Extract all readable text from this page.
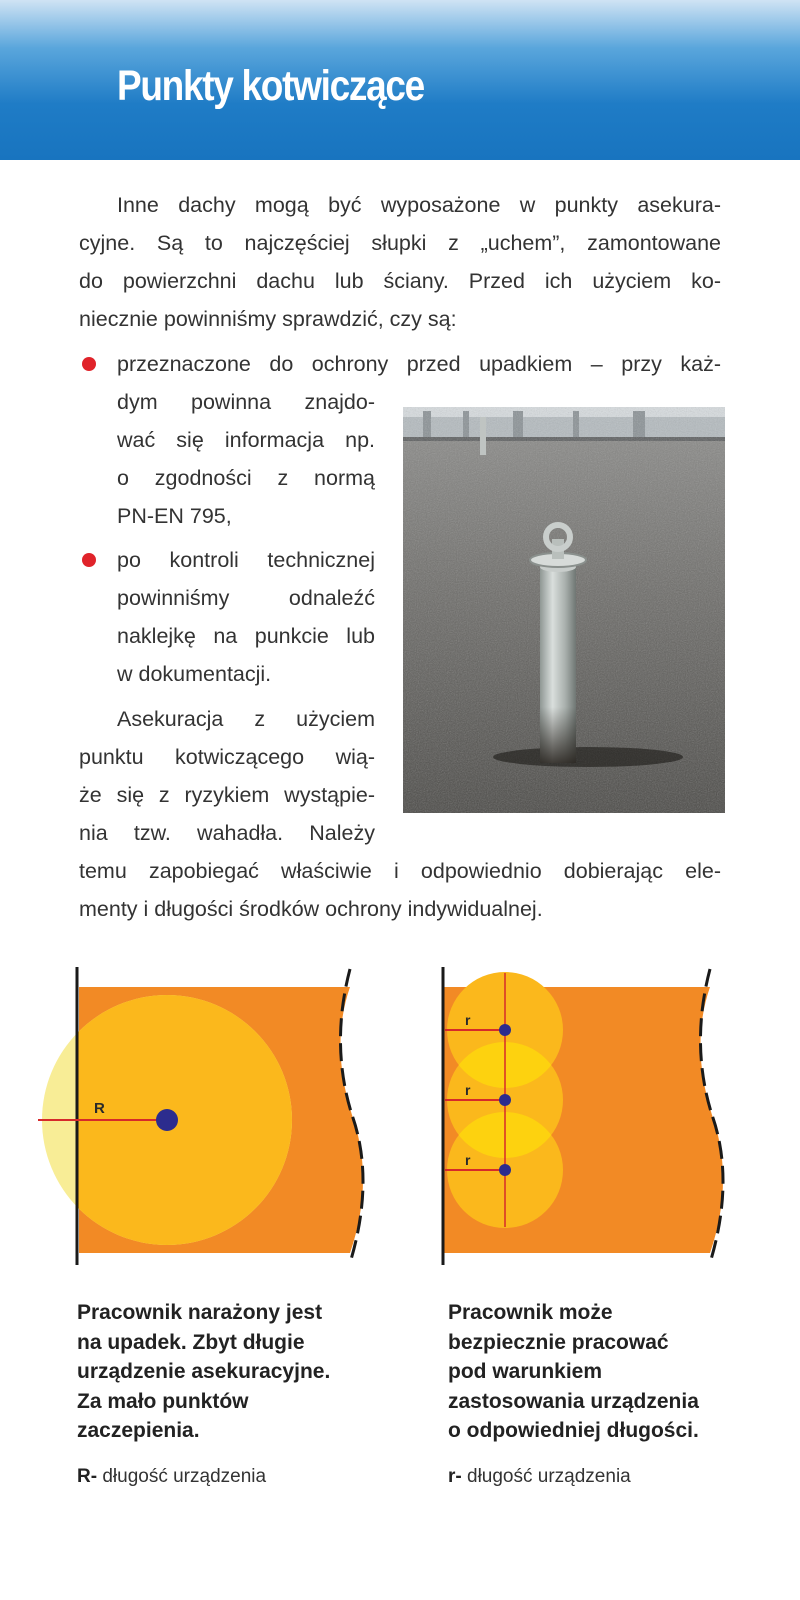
Punkty kotwiczące
Inne dachy mogą być wyposażone w punkty asekura-
cyjne. Są to najczęściej słupki z „uchem”, zamontowane
do powierzchni dachu lub ściany. Przed ich użyciem ko-
niecznie powinniśmy sprawdzić, czy są:
przeznaczone do ochrony przed upadkiem – przy każ-
dym powinna znajdo-
wać się informacja np.
o zgodności z normą
PN-EN 795,
po kontroli technicznej
powinniśmy odnaleźć
naklejkę na punkcie lub
w dokumentacji.
Asekuracja z użyciem
punktu kotwiczącego wią-
że się z ryzykiem wystąpie-
nia tzw. wahadła. Należy
temu zapobiegać właściwie i odpowiednio dobierając ele-
menty i długości środków ochrony indywidualnej.
R
r
r
r
Pracownik narażony jest
na upadek. Zbyt długie
urządzenie asekuracyjne.
Za mało punktów
zaczepienia.
R- długość urządzenia
Pracownik może
bezpiecznie pracować
pod warunkiem
zastosowania urządzenia
o odpowiedniej długości.
r- długość urządzenia
